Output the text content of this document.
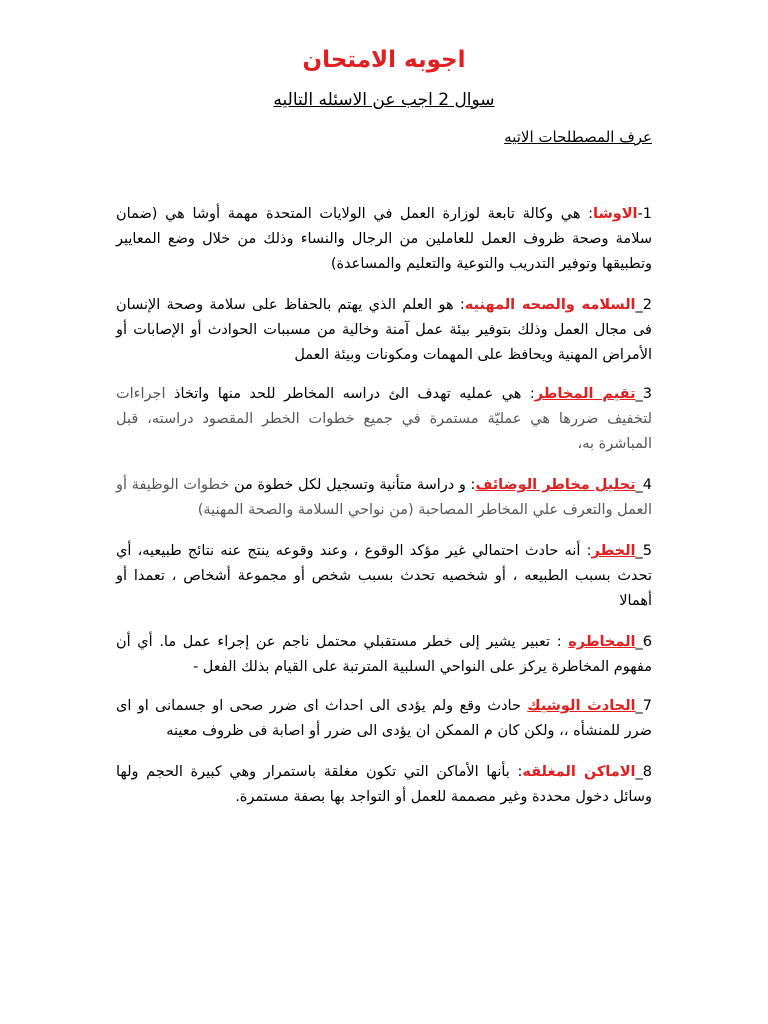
اجوبه الامتحان

سوال 2 اجب عن الاسئله التاليه

عرف المصطلحات الاتيه

1-الاوشا: هي وكالة تابعة لوزارة العمل في الولايات المتحدة مهمة أوشا هي (ضمان سلامة وصحة ظروف العمل للعاملين من الرجال والنساء وذلك من خلال وضع المعايير وتطبيقها وتوفير التدريب والتوعية والتعليم والمساعدة)

2_السلامه والصحه المهنيه: هو العلم الذي يهتم بالحفاظ على سلامة وصحة الإنسان فى مجال العمل وذلك بتوفير بيئة عمل آمنة وخالية من مسببات الحوادث أو الإصابات أو الأمراض المهنية ويحافظ على المهمات ومكونات وبيئة العمل

3_تقيم المخاطر: هي عمليه تهدف الئ دراسه المخاطر للحد منها واتخاذ اجراءات لتخفيف ضررها هي عمليّة مستمرة في جميع خطوات الخطر المقصود دراسته، قبل المباشرة به،

4_تحليل مخاطر الوضائف: و دراسة متأنية وتسجيل لكل خطوة من خطوات الوظيفة أو العمل والتعرف علي المخاطر المصاحبة (من نواحي السلامة والصحة المهنية)

5_الخطر: أنه حادث احتمالي غير مؤكد الوقوع ، وعند وقوعه ينتج عنه نتائج طبيعيه، أي تحدث بسبب الطبيعه ، أو شخصيه تحدث بسبب شخص أو مجموعة أشخاص ، تعمدا أو أهمالا

6_المخاطره : تعبير يشير إلى خطر مستقبلي محتمل ناجم عن إجراء عمل ما. أي أن مفهوم المخاطرة يركز على النواحي السلبية المترتبة على القيام بذلك الفعل -

7_الحادث الوشيك حادث وقع ولم يؤدى الى احداث اى ضرر صحى او جسمانى او اى ضرر للمنشأه ،، ولكن كان م الممكن ان يؤدى الى ضرر أو اصابة فى ظروف معينه

8_الاماكن المغلقه: بأنها الأماكن التي تكون مغلقة باستمرار وهي كبيرة الحجم ولها وسائل دخول محددة وغير مصممة للعمل أو التواجد بها بصفة مستمرة.
